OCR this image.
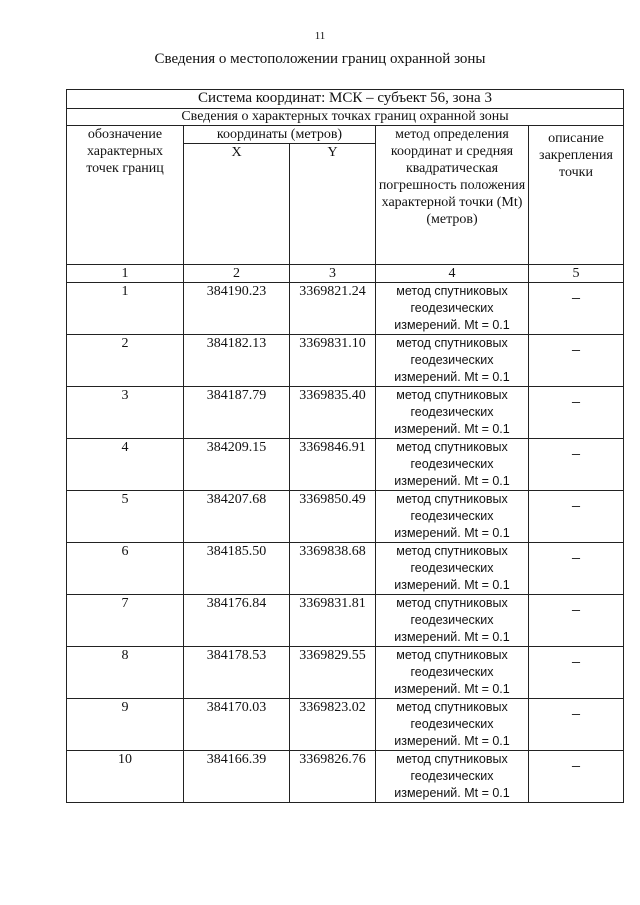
11
Сведения о местоположении границ охранной зоны
Система координат: МСК – субъект 56, зона 3				
Сведения о характерных точках границ охранной зоны				
обозначение характерных точек границ	координаты (метров)		метод определения координат и средняя квадратическая погрешность положения характерной точки (Mt) (метров)	описание закрепления точки
	X	Y		
1	2	3	4	5
1	384190.23	3369821.24	метод спутниковых геодезических измерений. Mt = 0.1	_
2	384182.13	3369831.10	метод спутниковых геодезических измерений. Mt = 0.1	_
3	384187.79	3369835.40	метод спутниковых геодезических измерений. Mt = 0.1	_
4	384209.15	3369846.91	метод спутниковых геодезических измерений. Mt = 0.1	_
5	384207.68	3369850.49	метод спутниковых геодезических измерений. Mt = 0.1	_
6	384185.50	3369838.68	метод спутниковых геодезических измерений. Mt = 0.1	_
7	384176.84	3369831.81	метод спутниковых геодезических измерений. Mt = 0.1	_
8	384178.53	3369829.55	метод спутниковых геодезических измерений. Mt = 0.1	_
9	384170.03	3369823.02	метод спутниковых геодезических измерений. Mt = 0.1	_
10	384166.39	3369826.76	метод спутниковых геодезических измерений. Mt = 0.1	_
